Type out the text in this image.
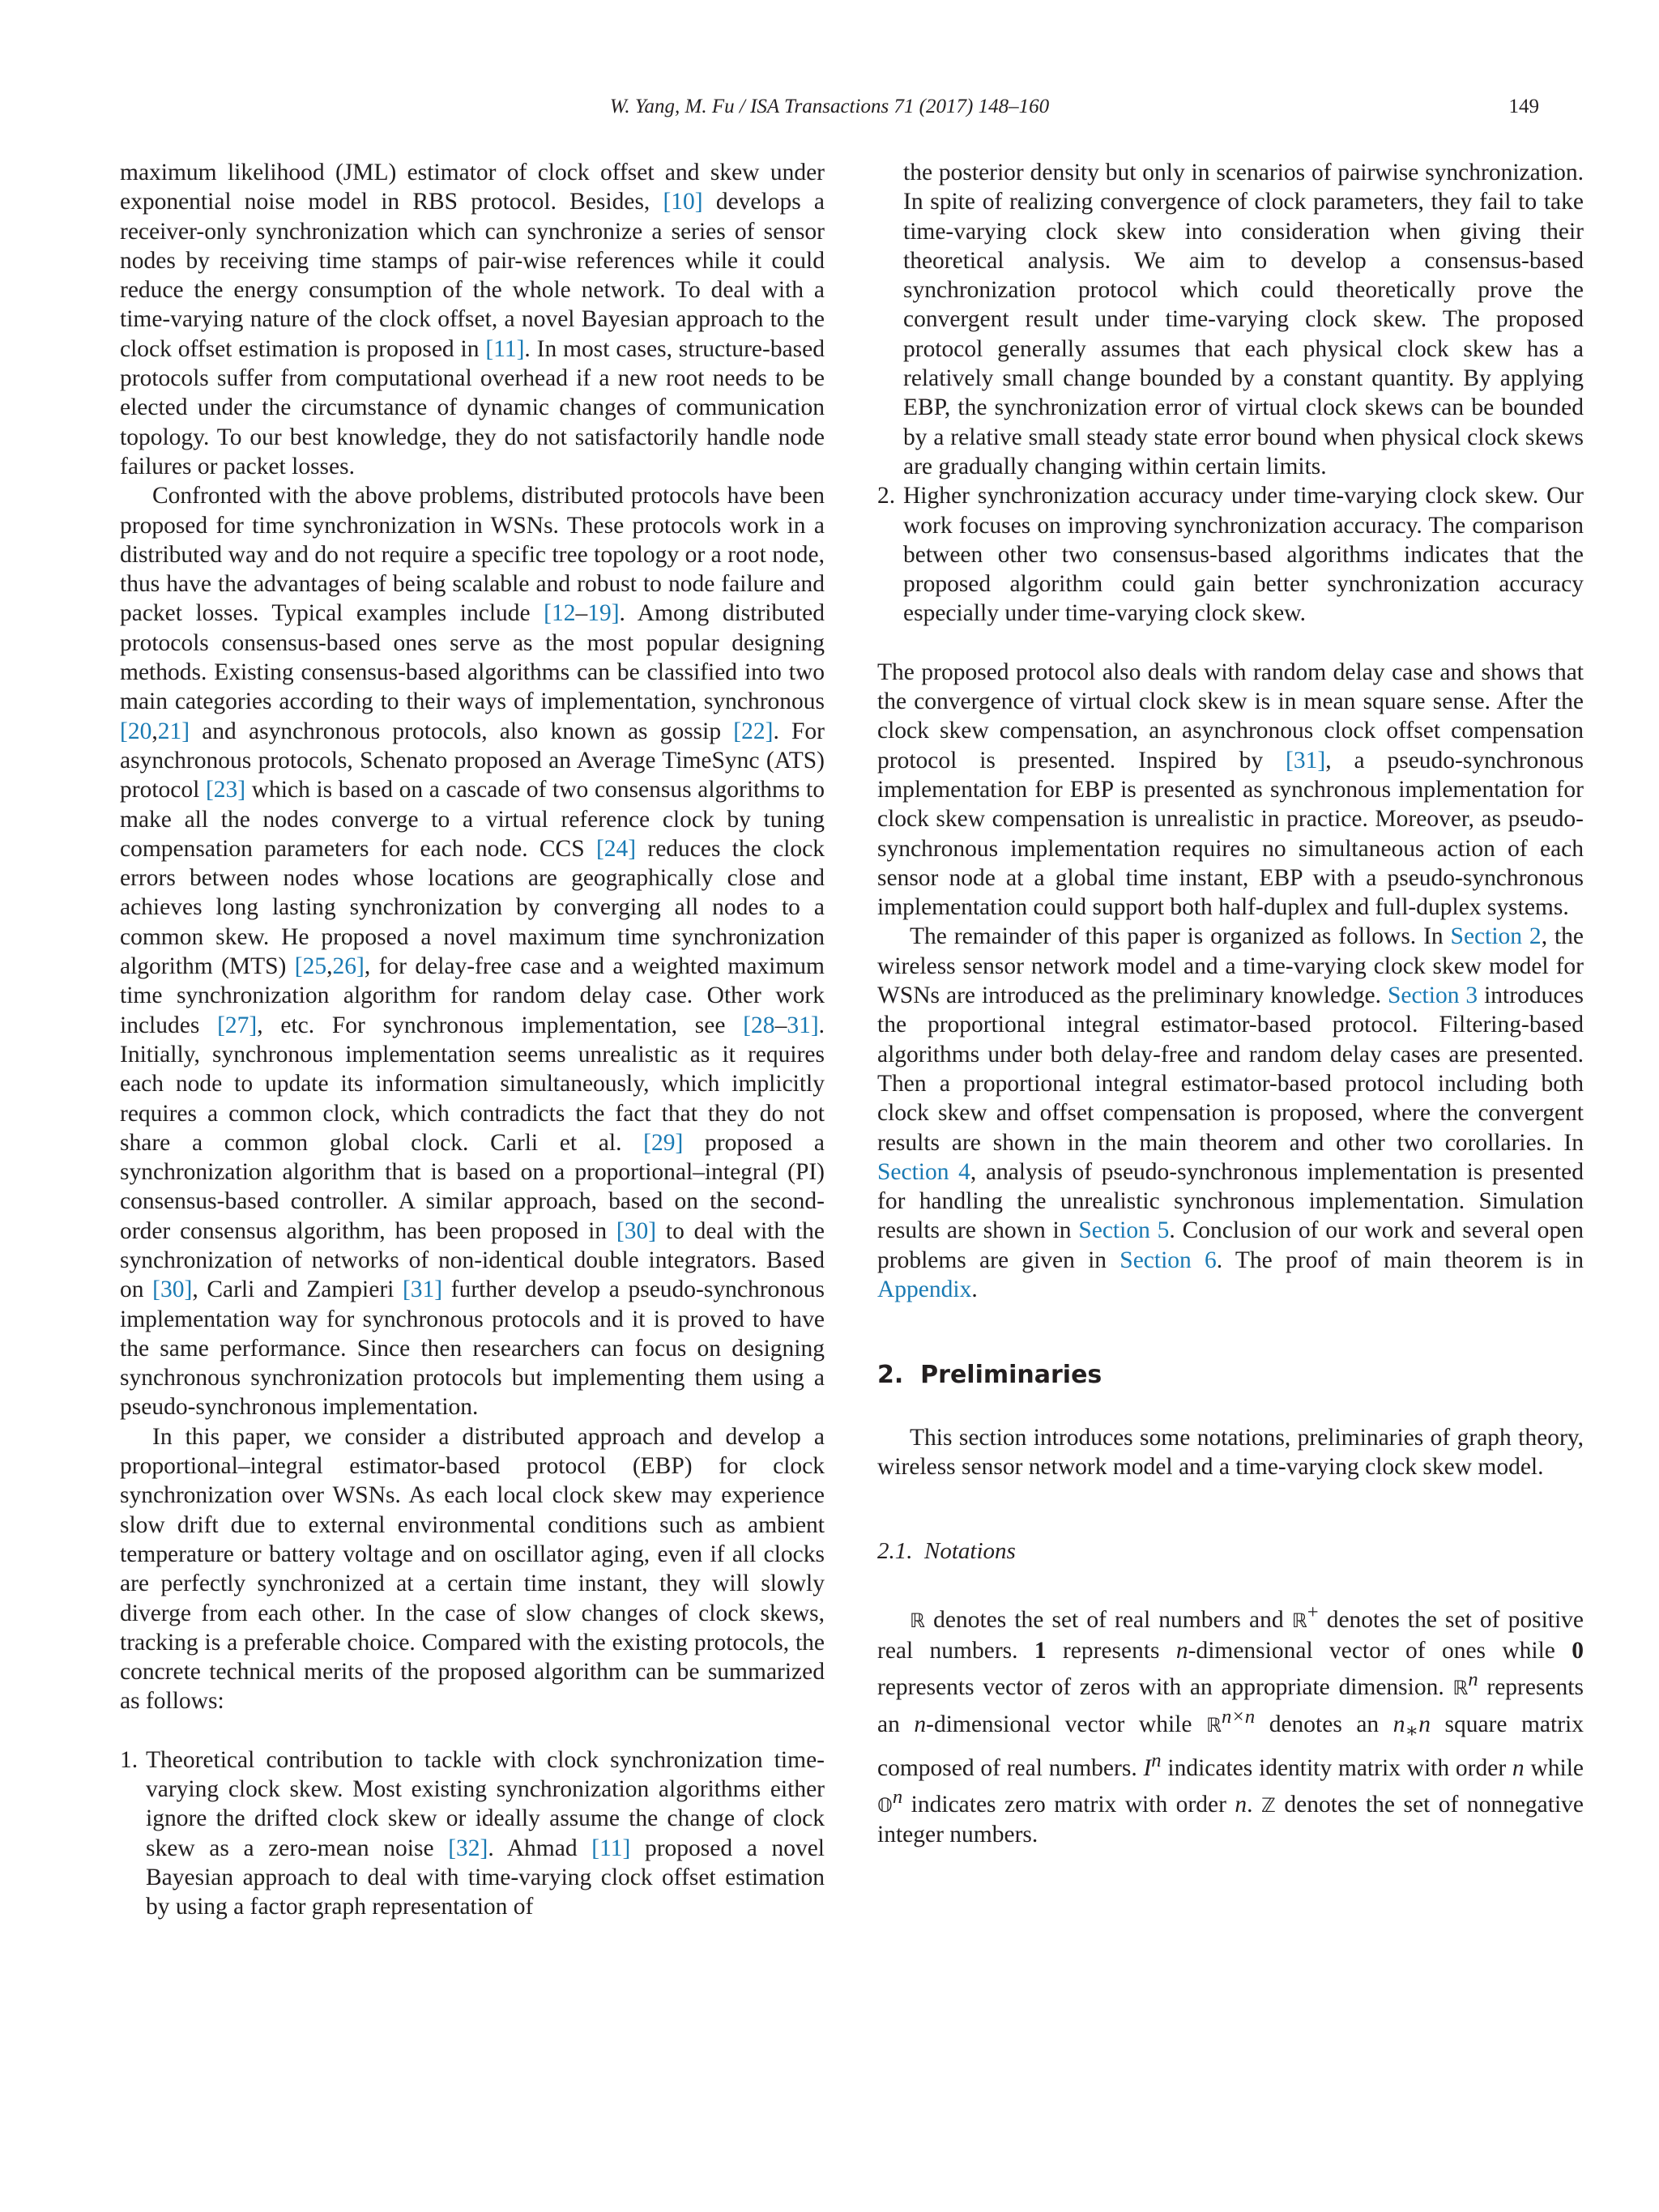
W. Yang, M. Fu / ISA Transactions 71 (2017) 148–160	149

maximum likelihood (JML) estimator of clock offset and skew under exponential noise model in RBS protocol. Besides, [10] develops a receiver-only synchronization which can synchronize a series of sensor nodes by receiving time stamps of pair-wise references while it could reduce the energy consumption of the whole network. To deal with a time-varying nature of the clock offset, a novel Bayesian approach to the clock offset estimation is proposed in [11]. In most cases, structure-based protocols suffer from computational overhead if a new root needs to be elected under the circumstance of dynamic changes of communication topology. To our best knowledge, they do not satisfactorily handle node failures or packet losses.

Confronted with the above problems, distributed protocols have been proposed for time synchronization in WSNs. These protocols work in a distributed way and do not require a specific tree topology or a root node, thus have the advantages of being scalable and robust to node failure and packet losses. Typical examples include [12–19]. Among distributed protocols consensus-based ones serve as the most popular designing methods. Existing consensus-based algorithms can be classified into two main categories according to their ways of implementation, synchronous [20,21] and asynchronous protocols, also known as gossip [22]. For asynchronous protocols, Schenato proposed an Average TimeSync (ATS) protocol [23] which is based on a cascade of two consensus algorithms to make all the nodes converge to a virtual reference clock by tuning compensation parameters for each node. CCS [24] reduces the clock errors between nodes whose locations are geographically close and achieves long lasting synchronization by converging all nodes to a common skew. He proposed a novel maximum time synchronization algorithm (MTS) [25,26], for delay-free case and a weighted maximum time synchronization algorithm for random delay case. Other work includes [27], etc. For synchronous implementation, see [28–31]. Initially, synchronous implementation seems unrealistic as it requires each node to update its information simultaneously, which implicitly requires a common clock, which contradicts the fact that they do not share a common global clock. Carli et al. [29] proposed a synchronization algorithm that is based on a proportional–integral (PI) consensus-based controller. A similar approach, based on the second-order consensus algorithm, has been proposed in [30] to deal with the synchronization of networks of non-identical double integrators. Based on [30], Carli and Zampieri [31] further develop a pseudo-synchronous implementation way for synchronous protocols and it is proved to have the same performance. Since then researchers can focus on designing synchronous synchronization protocols but implementing them using a pseudo-synchronous implementation.

In this paper, we consider a distributed approach and develop a proportional–integral estimator-based protocol (EBP) for clock synchronization over WSNs. As each local clock skew may experience slow drift due to external environmental conditions such as ambient temperature or battery voltage and on oscillator aging, even if all clocks are perfectly synchronized at a certain time instant, they will slowly diverge from each other. In the case of slow changes of clock skews, tracking is a preferable choice. Compared with the existing protocols, the concrete technical merits of the proposed algorithm can be summarized as follows:

1. Theoretical contribution to tackle with clock synchronization time-varying clock skew. Most existing synchronization algorithms either ignore the drifted clock skew or ideally assume the change of clock skew as a zero-mean noise [32]. Ahmad [11] proposed a novel Bayesian approach to deal with time-varying clock offset estimation by using a factor graph representation of
the posterior density but only in scenarios of pairwise synchronization. In spite of realizing convergence of clock parameters, they fail to take time-varying clock skew into consideration when giving their theoretical analysis. We aim to develop a consensus-based synchronization protocol which could theoretically prove the convergent result under time-varying clock skew. The proposed protocol generally assumes that each physical clock skew has a relatively small change bounded by a constant quantity. By applying EBP, the synchronization error of virtual clock skews can be bounded by a relative small steady state error bound when physical clock skews are gradually changing within certain limits.
2. Higher synchronization accuracy under time-varying clock skew. Our work focuses on improving synchronization accuracy. The comparison between other two consensus-based algorithms indicates that the proposed algorithm could gain better synchronization accuracy especially under time-varying clock skew.

The proposed protocol also deals with random delay case and shows that the convergence of virtual clock skew is in mean square sense. After the clock skew compensation, an asynchronous clock offset compensation protocol is presented. Inspired by [31], a pseudo-synchronous implementation for EBP is presented as synchronous implementation for clock skew compensation is unrealistic in practice. Moreover, as pseudo-synchronous implementation requires no simultaneous action of each sensor node at a global time instant, EBP with a pseudo-synchronous implementation could support both half-duplex and full-duplex systems.

The remainder of this paper is organized as follows. In Section 2, the wireless sensor network model and a time-varying clock skew model for WSNs are introduced as the preliminary knowledge. Section 3 introduces the proportional integral estimator-based protocol. Filtering-based algorithms under both delay-free and random delay cases are presented. Then a proportional integral estimator-based protocol including both clock skew and offset compensation is proposed, where the convergent results are shown in the main theorem and other two corollaries. In Section 4, analysis of pseudo-synchronous implementation is presented for handling the unrealistic synchronous implementation. Simulation results are shown in Section 5. Conclusion of our work and several open problems are given in Section 6. The proof of main theorem is in Appendix.

2.  Preliminaries

This section introduces some notations, preliminaries of graph theory, wireless sensor network model and a time-varying clock skew model.

2.1.  Notations

ℝ denotes the set of real numbers and ℝ+ denotes the set of positive real numbers. 1 represents n-dimensional vector of ones while 0 represents vector of zeros with an appropriate dimension. ℝ$^n$ represents an n-dimensional vector while ℝ$^{n\times n}$ denotes an $n_∗n$ square matrix composed of real numbers. $I^n$ indicates identity matrix with order n while 𝕆$^n$ indicates zero matrix with order n. ℤ denotes the set of nonnegative integer numbers.
